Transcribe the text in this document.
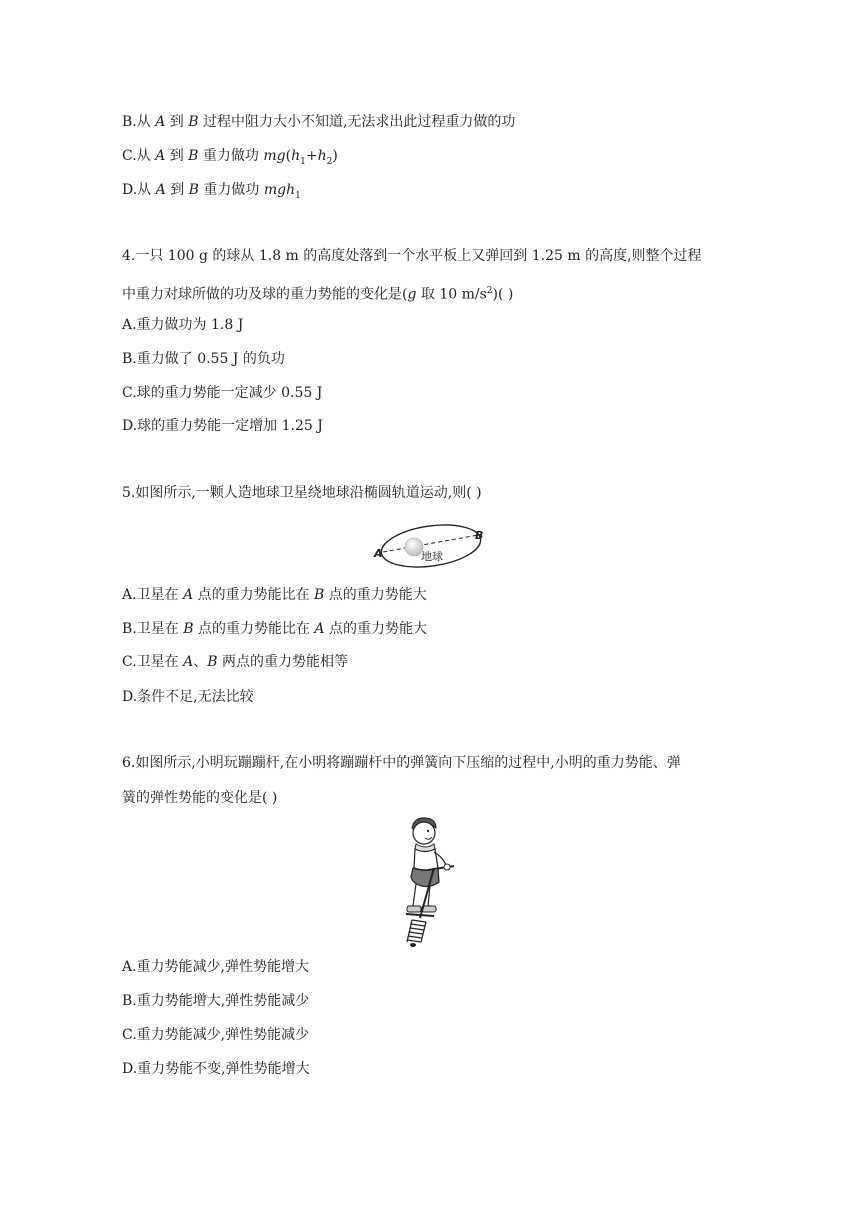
B.从 A 到 B 过程中阻力大小不知道,无法求出此过程重力做的功
C.从 A 到 B 重力做功 $mg(h_1+h_2)$
D.从 A 到 B 重力做功 mgh$_1$
4.一只 100 g 的球从 1.8 m 的高度处落到一个水平板上又弹回到 1.25 m 的高度,则整个过程
中重力对球所做的功及球的重力势能的变化是(g 取 10 $m/s^2$)( )
A.重力做功为 1.8 J
B.重力做了 0.55 J 的负功
C.球的重力势能一定减少 0.55 J
D.球的重力势能一定增加 1.25 J
5.如图所示,一颗人造地球卫星绕地球沿椭圆轨道运动,则( )
A
B
地球
A.卫星在 A 点的重力势能比在 B 点的重力势能大
B.卫星在 B 点的重力势能比在 A 点的重力势能大
C.卫星在 A、B 两点的重力势能相等
D.条件不足,无法比较
6.如图所示,小明玩蹦蹦杆,在小明将蹦蹦杆中的弹簧向下压缩的过程中,小明的重力势能、弹
簧的弹性势能的变化是( )
A.重力势能减少,弹性势能增大
B.重力势能增大,弹性势能减少
C.重力势能减少,弹性势能减少
D.重力势能不变,弹性势能增大
